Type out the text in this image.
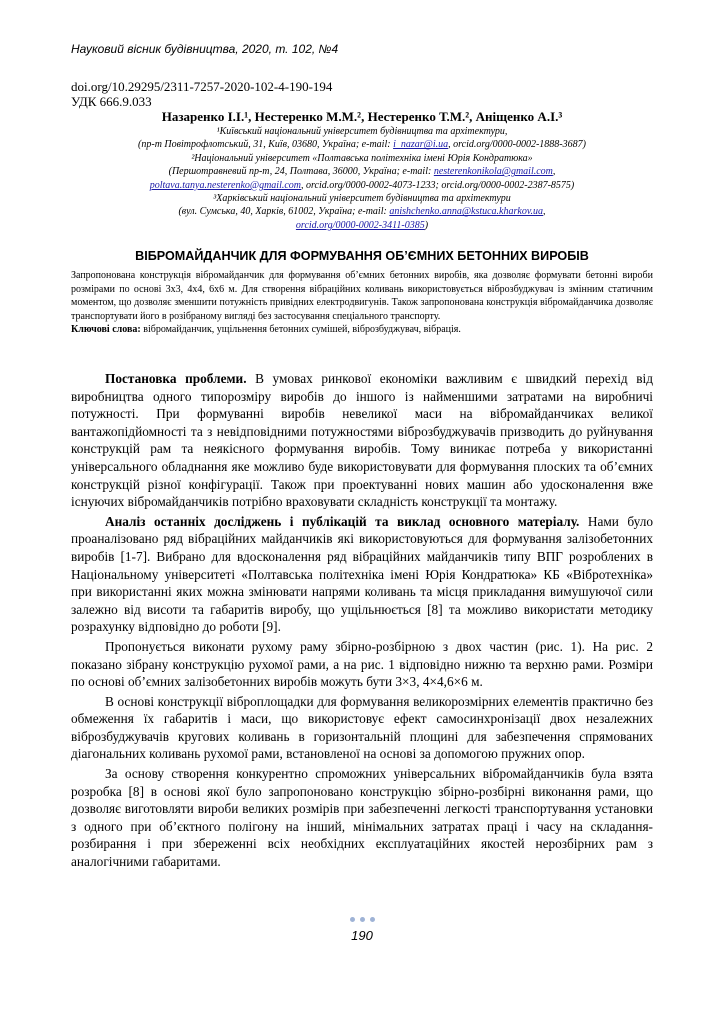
Науковий вісник будівництва, 2020, т. 102, №4
doi.org/10.29295/2311-7257-2020-102-4-190-194
УДК 666.9.033
Назаренко І.І.¹, Нестеренко М.М.², Нестеренко Т.М.², Аніщенко А.І.³
¹Київський національний університет будівництва та архітектури,
(пр-т Повітрофлотський, 31, Київ, 03680, Україна; e-mail: i_nazar@i.ua, orcid.org/0000-0002-1888-3687)
²Національний університет «Полтавська політехніка імені Юрія Кондратюка»
(Першотравневий пр-т, 24, Полтава, 36000, Україна; e-mail: nesterenkonikola@gmail.com,
poltava.tanya.nesterenko@gmail.com, orcid.org/0000-0002-4073-1233; orcid.org/0000-0002-2387-8575)
³Харківський національний університет будівництва та архітектури
(вул. Сумська, 40, Харків, 61002, Україна; e-mail: anishchenko.anna@kstuca.kharkov.ua,
orcid.org/0000-0002-3411-0385)
ВІБРОМАЙДАНЧИК ДЛЯ ФОРМУВАННЯ ОБ’ЄМНИХ БЕТОННИХ ВИРОБІВ

Запропонована конструкція вібромайданчик для формування об’ємних бетонних виробів, яка дозволяє формувати бетонні вироби розмірами по основі 3х3, 4х4, 6х6 м. Для створення вібраційних коливань використовується віброзбуджувач із змінним статичним моментом, що дозволяє зменшити потужність привідних електродвигунів. Також запропонована конструкція вібромайданчика дозволяє транспортувати його в розібраному вигляді без застосування спеціального транспорту.

Ключові слова: вібромайданчик, ущільнення бетонних сумішей, віброзбуджувач, вібрація.

Постановка проблеми. В умовах ринкової економіки важливим є швидкий перехід від виробництва одного типорозміру виробів до іншого із найменшими затратами на виробничі потужності. При формуванні виробів невеликої маси на вібромайданчиках великої вантажопідйомності та з невідповідними потужностями віброзбуджувачів призводить до руйнування конструкцій рам та неякісного формування виробів. Тому виникає потреба у використанні універсального обладнання яке можливо буде використовувати для формування плоских та об’ємних конструкцій різної конфігурації. Також при проектуванні нових машин або удосконалення вже існуючих вібромайданчиків потрібно враховувати складність конструкції та монтажу.

Аналіз останніх досліджень і публікацій та виклад основного матеріалу. Нами було проаналізовано ряд вібраційних майданчиків які використовуються для формування залізобетонних виробів [1-7]. Вибрано для вдосконалення ряд вібраційних майданчиків типу ВПГ розроблених в Національному університеті «Полтавська політехніка імені Юрія Кондратюка» КБ «Вібротехніка» при використанні яких можна змінювати напрями коливань та місця прикладання вимушуючої сили залежно від висоти та габаритів виробу, що ущільнюється [8] та можливо використати методику розрахунку відповідно до роботи [9].

Пропонується виконати рухому раму збірно-розбірною з двох частин (рис. 1). На рис. 2 показано зібрану конструкцію рухомої рами, а на рис. 1 відповідно нижню та верхню рами. Розміри по основі об’ємних залізобетонних виробів можуть бути 3×3, 4×4,6×6 м.

В основі конструкції віброплощадки для формування великорозмірних елементів практично без обмеження їх габаритів і маси, що використовує ефект самосинхронізації двох незалежних віброзбуджувачів кругових коливань в горизонтальній площині для забезпечення спрямованих діагональних коливань рухомої рами, встановленої на основі за допомогою пружних опор.

За основу створення конкурентно спроможних універсальних вібромайданчиків була взята розробка [8] в основі якої було запропоновано конструкцію збірно-розбірні виконання рами, що дозволяє виготовляти вироби великих розмірів при забезпеченні легкості транспортування установки з одного при об’єктного полігону на інший, мінімальних затратах праці і часу на складання-розбирання і при збереженні всіх необхідних експлуатаційних якостей нерозбірних рам з аналогічними габаритами.

190
